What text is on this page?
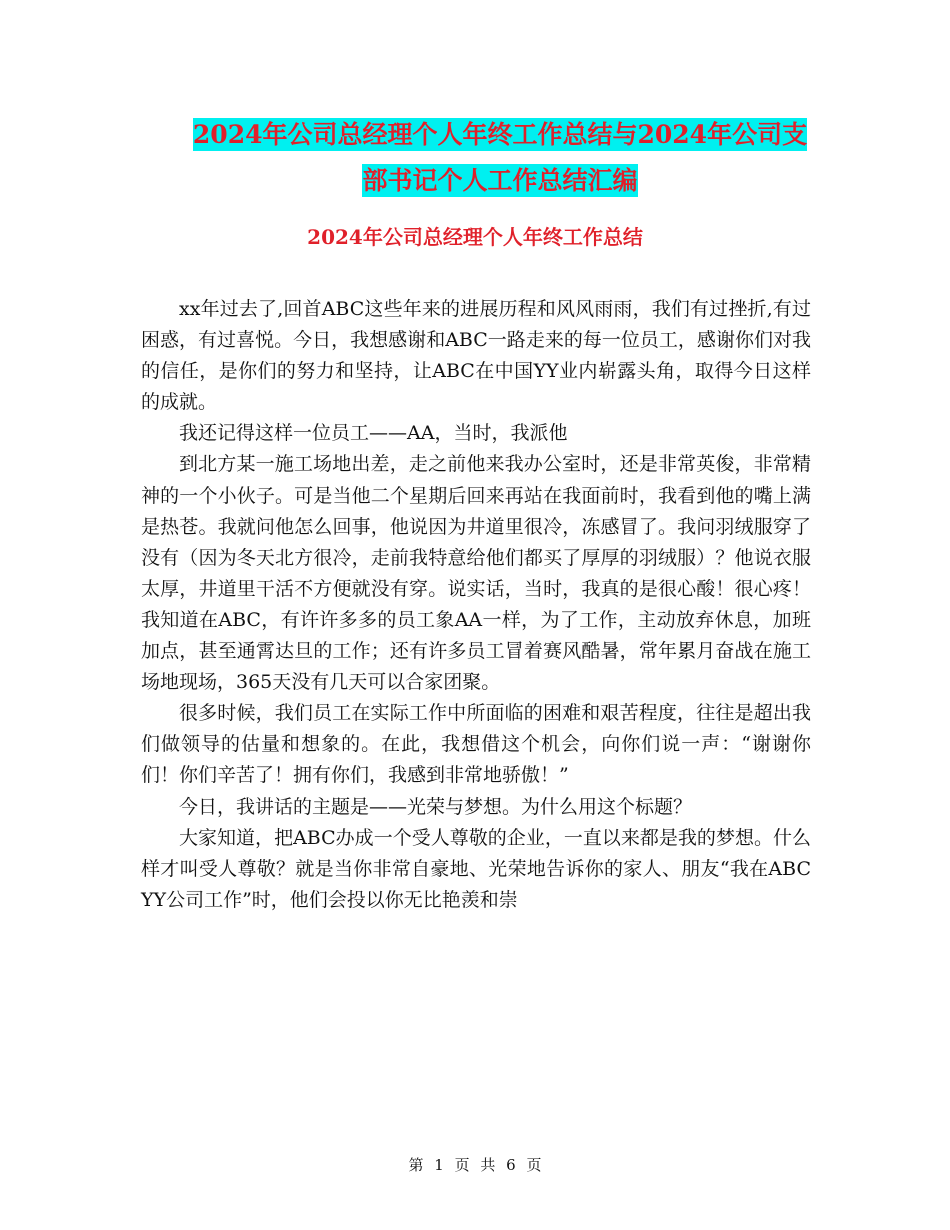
2024年公司总经理个人年终工作总结与2024年公司支
部书记个人工作总结汇编
2024年公司总经理个人年终工作总结

xx年过去了,回首ABC这些年来的进展历程和风风雨雨，我们有过挫折,有过困惑，有过喜悦。今日，我想感谢和ABC一路走来的每一位员工，感谢你们对我的信任，是你们的努力和坚持，让ABC在中国YY业内崭露头角，取得今日这样的成就。

我还记得这样一位员工——AA，当时，我派他

到北方某一施工场地出差，走之前他来我办公室时，还是非常英俊，非常精神的一个小伙子。可是当他二个星期后回来再站在我面前时，我看到他的嘴上满是热苍。我就问他怎么回事，他说因为井道里很冷，冻感冒了。我问羽绒服穿了没有（因为冬天北方很冷，走前我特意给他们都买了厚厚的羽绒服）？他说衣服太厚，井道里干活不方便就没有穿。说实话，当时，我真的是很心酸！很心疼！我知道在ABC，有许许多多的员工象AA一样，为了工作，主动放弃休息，加班加点，甚至通霄达旦的工作；还有许多员工冒着赛风酷暑，常年累月奋战在施工场地现场，365天没有几天可以合家团聚。

很多时候，我们员工在实际工作中所面临的困难和艰苦程度，往往是超出我们做领导的估量和想象的。在此，我想借这个机会，向你们说一声：“谢谢你们！你们辛苦了！拥有你们，我感到非常地骄傲！”

今日，我讲话的主题是——光荣与梦想。为什么用这个标题？

大家知道，把ABC办成一个受人尊敬的企业，一直以来都是我的梦想。什么样才叫受人尊敬？就是当你非常自豪地、光荣地告诉你的家人、朋友“我在ABCYY公司工作”时，他们会投以你无比艳羡和崇

第 1 页 共 6 页
